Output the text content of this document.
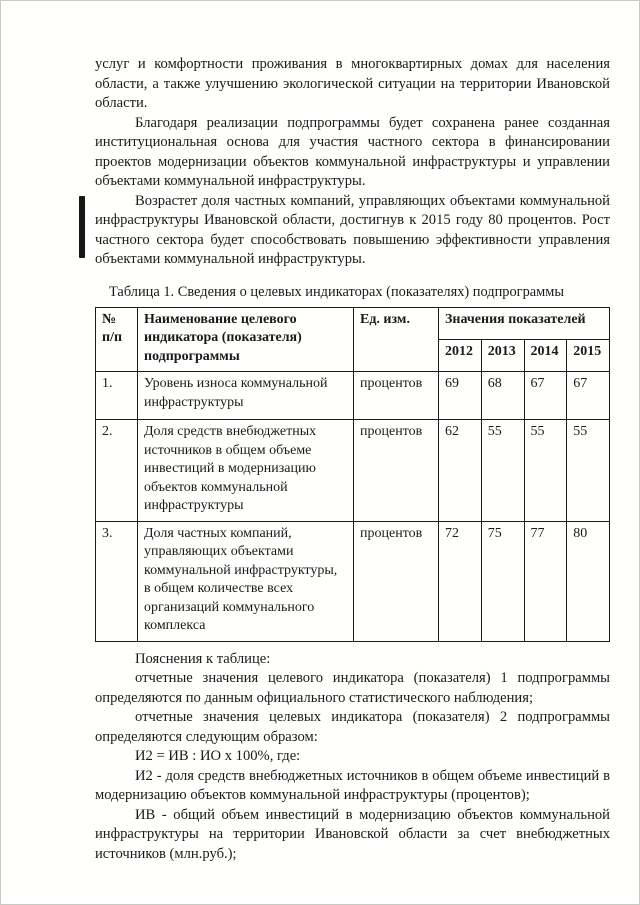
услуг и комфортности проживания в многоквартирных домах для населения области, а также улучшению экологической ситуации на территории Ивановской области.

Благодаря реализации подпрограммы будет сохранена ранее созданная институциональная основа для участия частного сектора в финансировании проектов модернизации объектов коммунальной инфраструктуры и управлении объектами коммунальной инфраструктуры.

Возрастет доля частных компаний, управляющих объектами коммунальной инфраструктуры Ивановской области, достигнув к 2015 году 80 процентов. Рост частного сектора будет способствовать повышению эффективности управления объектами коммунальной инфраструктуры.

Таблица 1. Сведения о целевых индикаторах (показателях) подпрограммы

№ п/п	Наименование целевого индикатора (показателя) подпрограммы	Ед. изм.	Значения показателей			
			2012	2013	2014	2015
1.	Уровень износа коммунальной инфраструктуры	процентов	69	68	67	67
2.	Доля средств внебюджетных источников в общем объеме инвестиций в модернизацию объектов коммунальной инфраструктуры	процентов	62	55	55	55
3.	Доля частных компаний, управляющих объектами коммунальной инфраструктуры, в общем количестве всех организаций коммунального комплекса	процентов	72	75	77	80

Пояснения к таблице:

отчетные значения целевого индикатора (показателя) 1 подпрограммы определяются по данным официального статистического наблюдения;

отчетные значения целевых индикатора (показателя) 2 подпрограммы определяются следующим образом:

И2 = ИВ : ИО х 100%, где:

И2 - доля средств внебюджетных источников в общем объеме инвестиций в модернизацию объектов коммунальной инфраструктуры (процентов);

ИВ - общий объем инвестиций в модернизацию объектов коммунальной инфраструктуры на территории Ивановской области за счет внебюджетных источников (млн.руб.);
